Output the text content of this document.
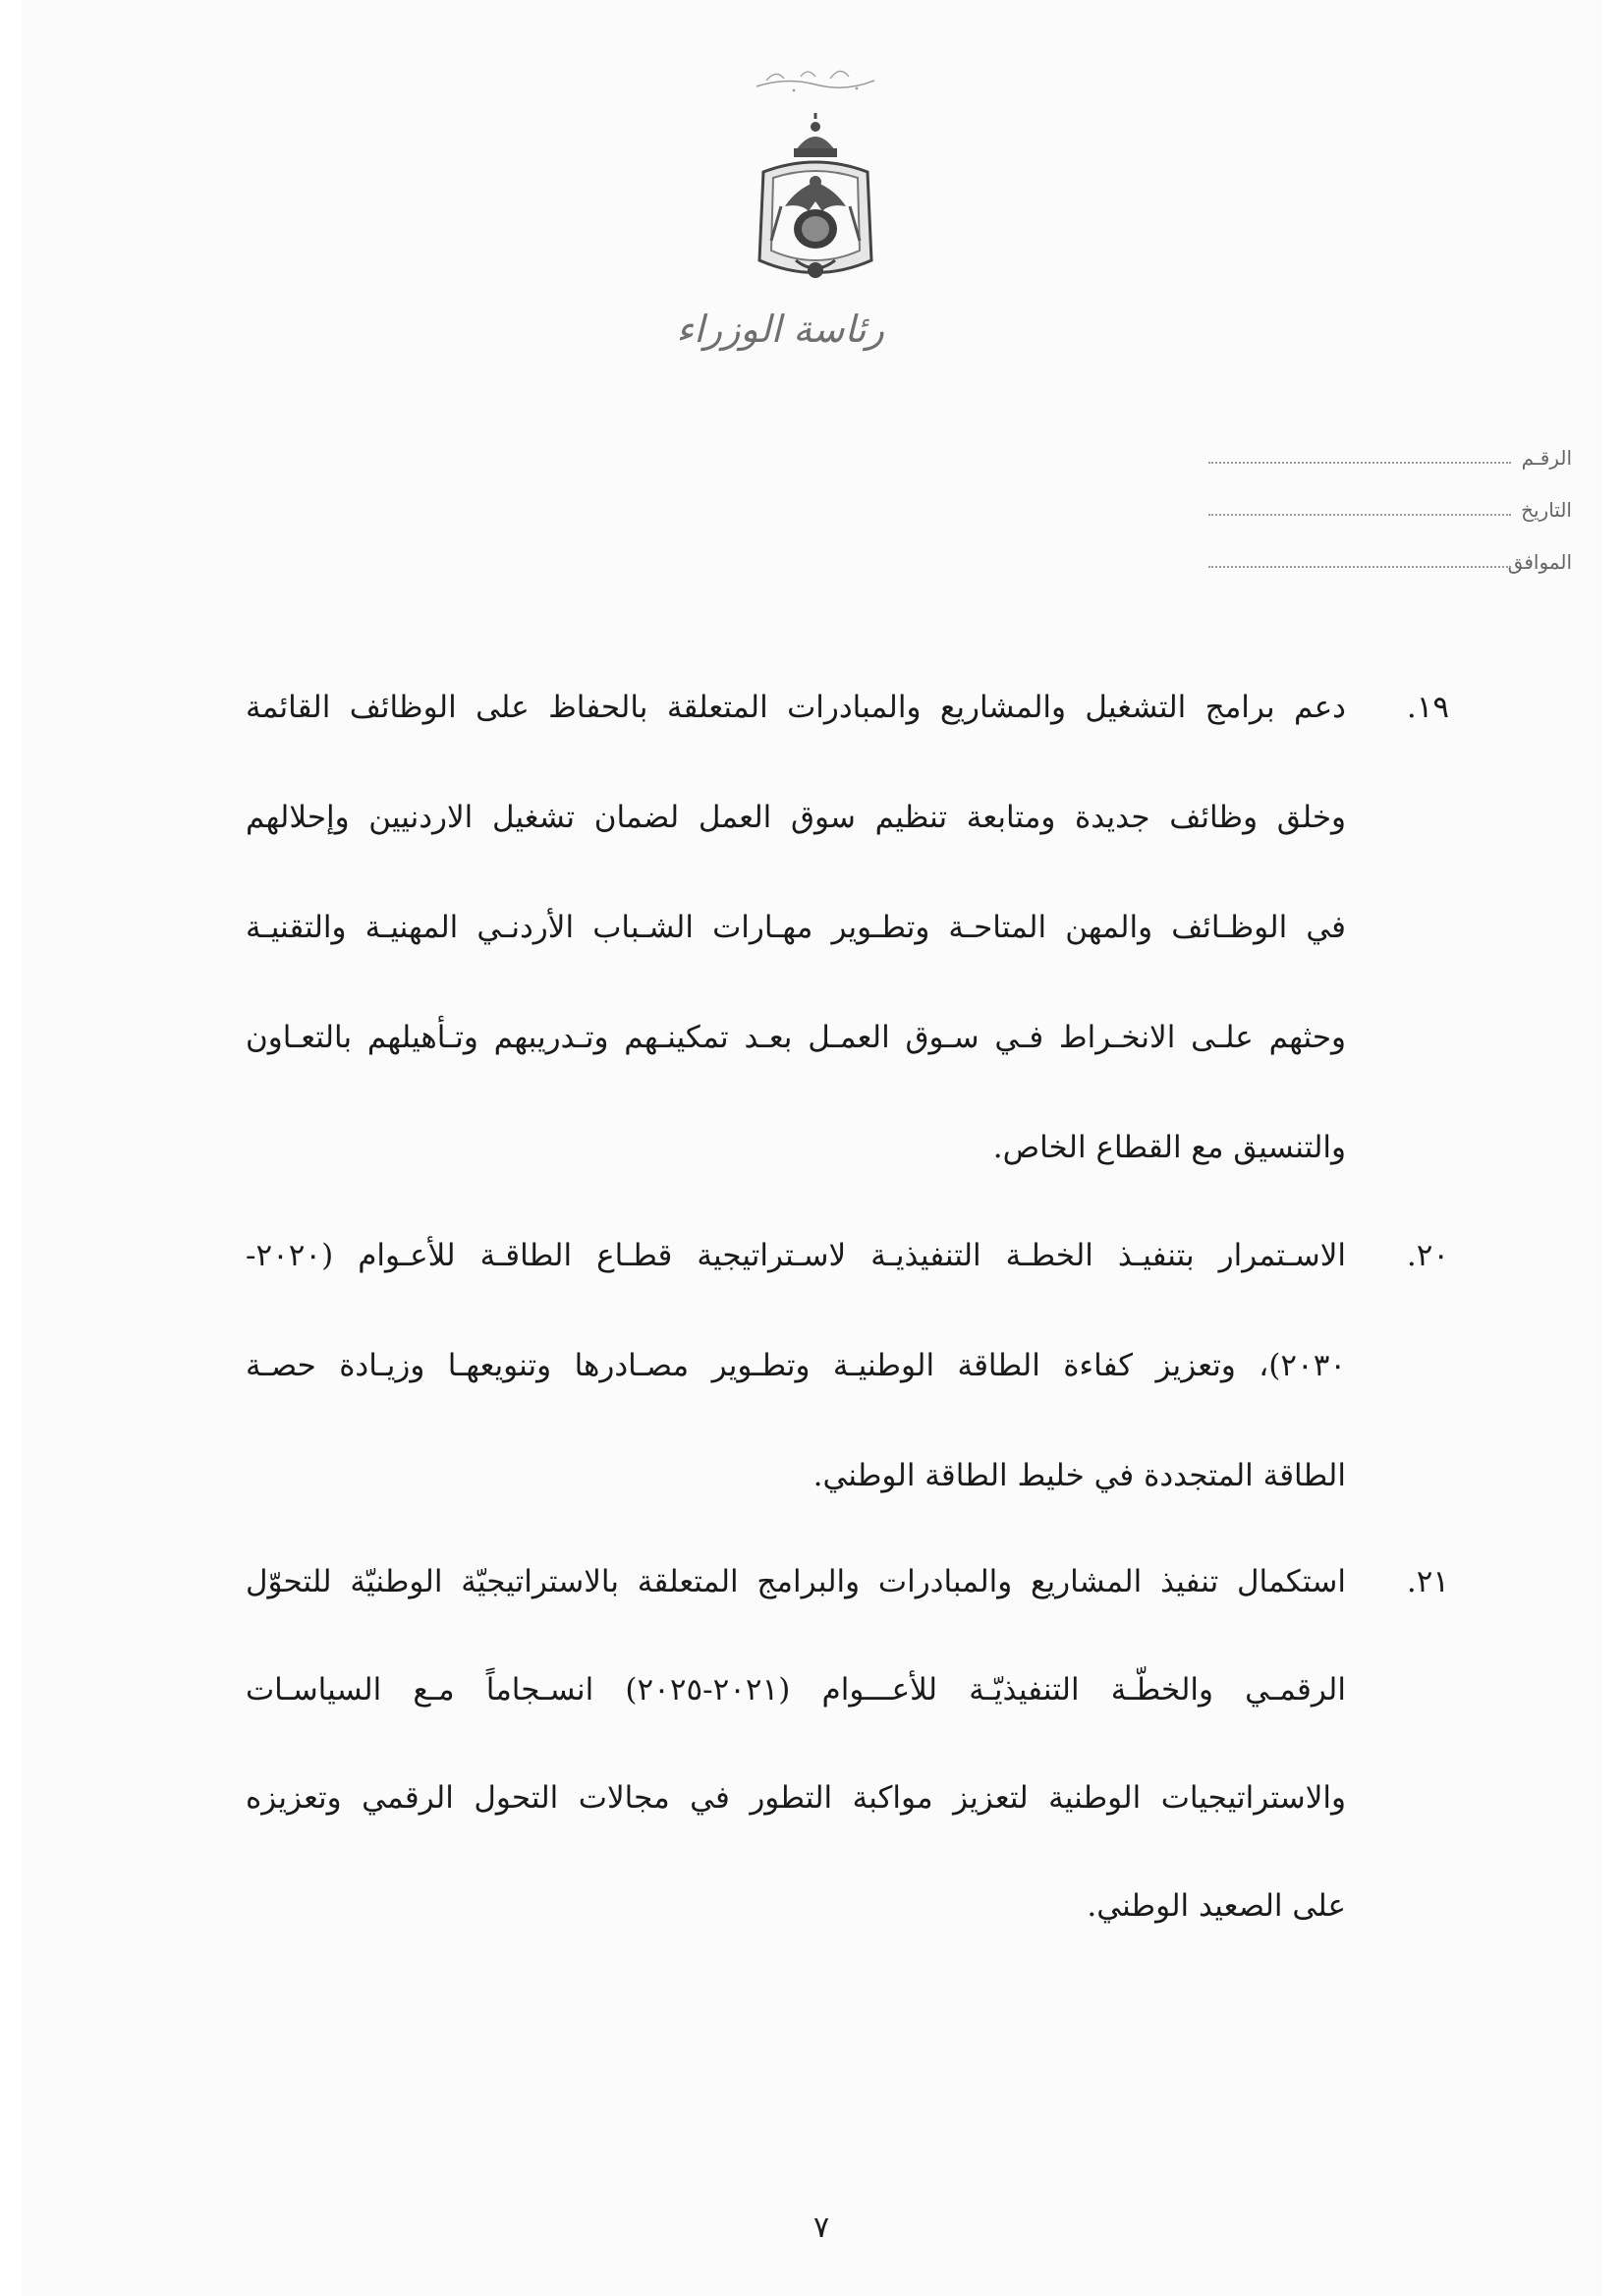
رئاسة الوزراء
الرقـم
التاريخ
الموافق
١٩.
دعم برامج التشغيل والمشاريع والمبادرات المتعلقة بالحفاظ على الوظائف القائمة
وخلق وظائف جديدة ومتابعة تنظيم سوق العمل لضمان تشغيل الاردنيين وإحلالهم
في الوظـائف والمهن المتاحـة وتطـوير مهـارات الشـباب الأردنـي المهنيـة والتقنيـة
وحثهم علـى الانخـراط فـي سـوق العمـل بعـد تمكينـهم وتـدريبهم وتـأهيلهم بالتعـاون
والتنسيق مع القطاع الخاص.
٢٠.
الاسـتمرار بتنفيـذ الخطـة التنفيذيـة لاسـتراتيجية قطـاع الطاقـة للأعـوام (٢٠٢٠-
٢٠٣٠)، وتعزيز كفاءة الطاقة الوطنيـة وتطـوير مصـادرها وتنويعهـا وزيـادة حصـة
الطاقة المتجددة في خليط الطاقة الوطني.
٢١.
استكمال تنفيذ المشاريع والمبادرات والبرامج المتعلقة بالاستراتيجيّة الوطنيّة للتحوّل
الرقمـي والخطّـة التنفيذيّـة للأعـــوام (٢٠٢١-٢٠٢٥) انسـجاماً مـع السياسـات
والاستراتيجيات الوطنية لتعزيز مواكبة التطور في مجالات التحول الرقمي وتعزيزه
على الصعيد الوطني.
٧
